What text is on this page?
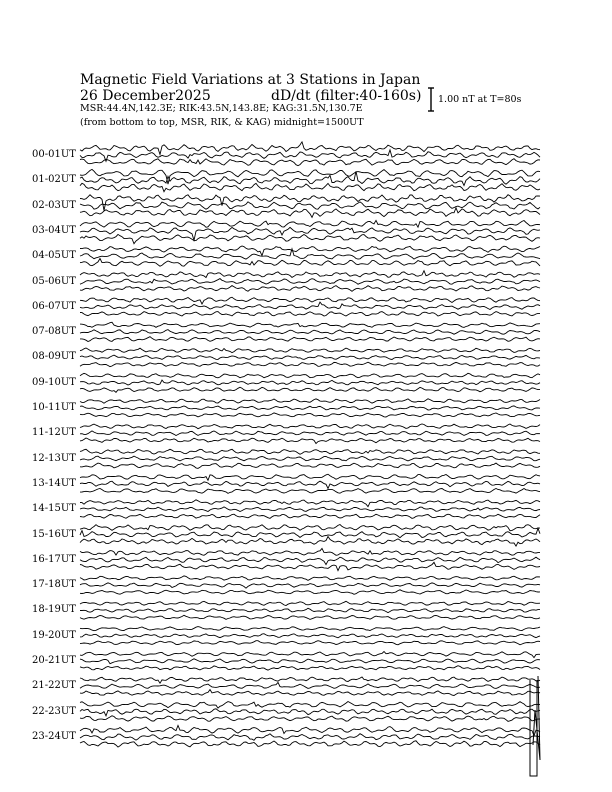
Magnetic Field Variations at 3 Stations in Japan
26 December2025	dD/dt (filter:40-160s)
MSR:44.4N,142.3E; RIK:43.5N,143.8E; KAG:31.5N,130.7E
(from bottom to top, MSR, RIK, & KAG) midnight=1500UT
1.00 nT at T=80s
00-01UT
01-02UT
02-03UT
03-04UT
04-05UT
05-06UT
06-07UT
07-08UT
08-09UT
09-10UT
10-11UT
11-12UT
12-13UT
13-14UT
14-15UT
15-16UT
16-17UT
17-18UT
18-19UT
19-20UT
20-21UT
21-22UT
22-23UT
23-24UT
